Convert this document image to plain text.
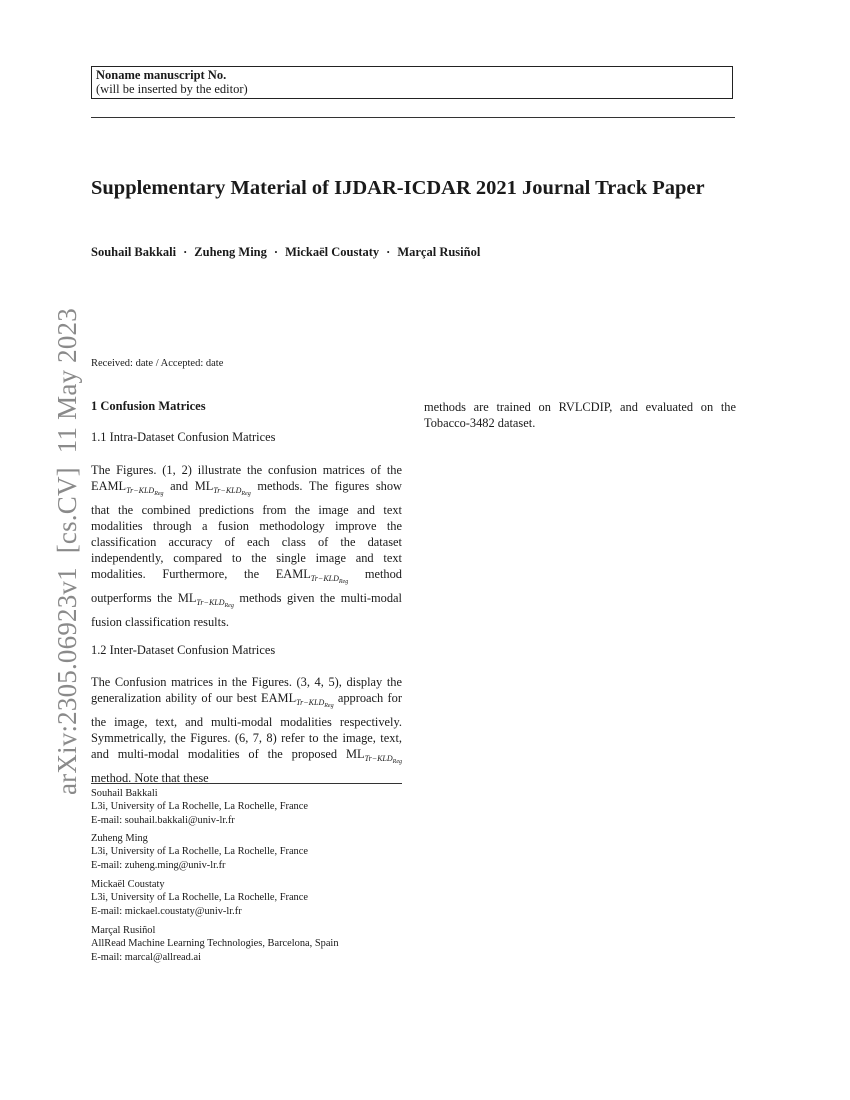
Noname manuscript No.
(will be inserted by the editor)
Supplementary Material of IJDAR-ICDAR 2021 Journal Track Paper
Souhail Bakkali · Zuheng Ming · Mickaël Coustaty · Marçal Rusiñol
arXiv:2305.06923v1  [cs.CV]  11 May 2023 Received: date / Accepted: date
1 Confusion Matrices
1.1 Intra-Dataset Confusion Matrices

The Figures. (1, 2) illustrate the confusion matrices of the $EAML_{Tr-KLD_{Reg}}$ and $ML_{Tr-KLD_{Reg}}$ methods. The figures show that the combined predictions from the image and text modalities through a fusion methodology improve the classification accuracy of each class of the dataset independently, compared to the single image and text modalities. Furthermore, the $EAML_{Tr-KLD_{Reg}}$ method outperforms the $ML_{Tr-KLD_{Reg}}$ methods given the multi-modal fusion classification results.

1.2 Inter-Dataset Confusion Matrices

The Confusion matrices in the Figures. (3, 4, 5), display the generalization ability of our best $EAML_{Tr-KLD_{Reg}}$ approach for the image, text, and multi-modal modalities respectively. Symmetrically, the Figures. (6, 7, 8) refer to the image, text, and multi-modal modalities of the proposed $ML_{Tr-KLD_{Reg}}$ method. Note that these

methods are trained on RVLCDIP, and evaluated on the Tobacco-3482 dataset.

Souhail Bakkali
L3i, University of La Rochelle, La Rochelle, France
E-mail: souhail.bakkali@univ-lr.fr
Zuheng Ming
L3i, University of La Rochelle, La Rochelle, France
E-mail: zuheng.ming@univ-lr.fr
Mickaël Coustaty
L3i, University of La Rochelle, La Rochelle, France
E-mail: mickael.coustaty@univ-lr.fr
Marçal Rusiñol
AllRead Machine Learning Technologies, Barcelona, Spain
E-mail: marcal@allread.ai
